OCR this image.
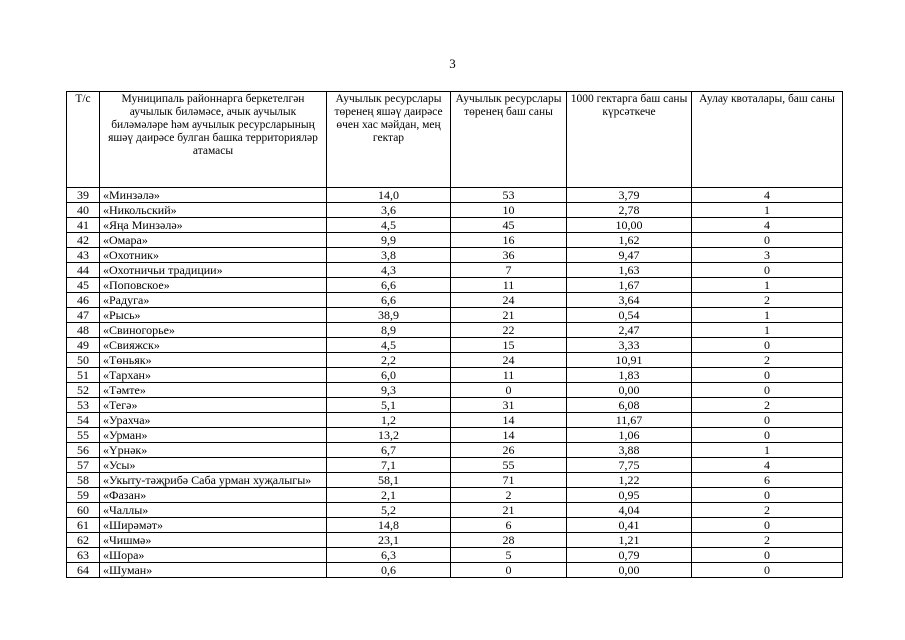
3
Т/с	Муниципаль районнарга беркетелгән аучылык биләмәсе, ачык аучылык биләмәләре һәм аучылык ресурсларының яшәү даирәсе булган башка территорияләр атамасы	Аучылык ресурслары төренең яшәү даирәсе өчен хас мәйдан, мең гектар	Аучылык ресурслары төренең баш саны	1000 гектарга баш саны күрсәткече	Аулау квоталары, баш саны
39	«Минзәлә»	14,0	53	3,79	4
40	«Никольский»	3,6	10	2,78	1
41	«Яңа Минзәлә»	4,5	45	10,00	4
42	«Омара»	9,9	16	1,62	0
43	«Охотник»	3,8	36	9,47	3
44	«Охотничьи традиции»	4,3	7	1,63	0
45	«Поповское»	6,6	11	1,67	1
46	«Радуга»	6,6	24	3,64	2
47	«Рысь»	38,9	21	0,54	1
48	«Свиногорье»	8,9	22	2,47	1
49	«Свияжск»	4,5	15	3,33	0
50	«Төньяк»	2,2	24	10,91	2
51	«Тархан»	6,0	11	1,83	0
52	«Тәмте»	9,3	0	0,00	0
53	«Тегә»	5,1	31	6,08	2
54	«Урахча»	1,2	14	11,67	0
55	«Урман»	13,2	14	1,06	0
56	«Үрнәк»	6,7	26	3,88	1
57	«Усы»	7,1	55	7,75	4
58	«Укыту-тәҗрибә Саба урман хуҗалыгы»	58,1	71	1,22	6
59	«Фазан»	2,1	2	0,95	0
60	«Чаллы»	5,2	21	4,04	2
61	«Ширәмәт»	14,8	6	0,41	0
62	«Чишмә»	23,1	28	1,21	2
63	«Шора»	6,3	5	0,79	0
64	«Шуман»	0,6	0	0,00	0
